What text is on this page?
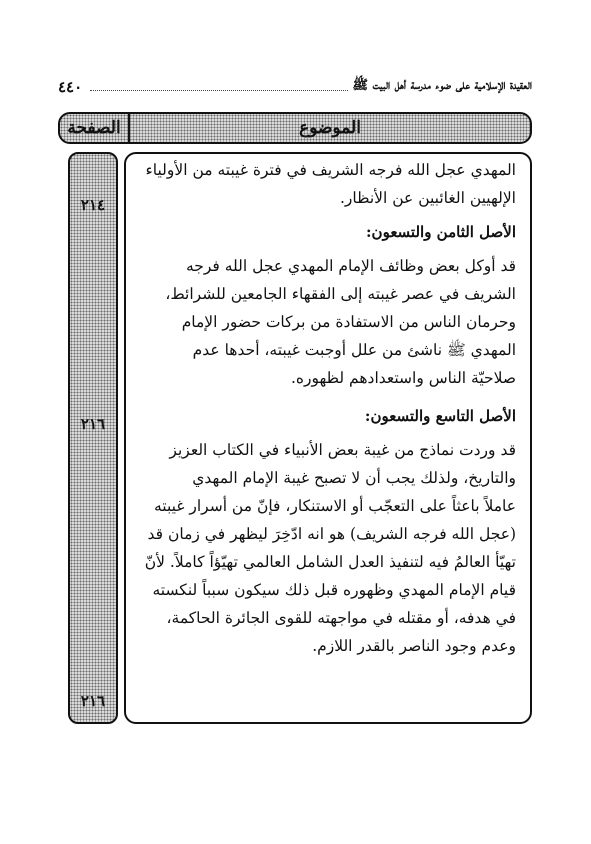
٤٤٠	العقيدة الإسلامية على ضوء مدرسة أهل البيت ﷺ
الموضوع
الصفحة
٢١٤
٢١٦
٢١٦

المهدي عجل الله فرجه الشريف في فترة غيبته من الأولياء

الإلهيين الغائبين عن الأنظار.

الأصل الثامن والتسعون:

قد أوكل بعض وظائف الإمام المهدي عجل الله فرجه

الشريف في عصر غيبته إلى الفقهاء الجامعين للشرائط،

وحرمان الناس من الاستفادة من بركات حضور الإمام

المهدي ﷺ ناشئ من علل أوجبت غيبته، أحدها عدم

صلاحيّة الناس واستعدادهم لظهوره.

الأصل التاسع والتسعون:

قد وردت نماذج من غيبة بعض الأنبياء في الكتاب العزيز

والتاريخ، ولذلك يجب أن لا تصبح غيبة الإمام المهدي

عاملاً باعثاً على التعجّب أو الاستنكار، فإنّ من أسرار غيبته

(عجل الله فرجه الشريف) هو انه ادّخِرَ ليظهر في زمان قد

تهيّأ العالمُ فيه لتنفيذ العدل الشامل العالمي تهيّؤاً كاملاً. لأنّ

قيام الإمام المهدي وظهوره قبل ذلك سيكون سبباً لنكسته

في هدفه، أو مقتله في مواجهته للقوى الجائرة الحاكمة،

وعدم وجود الناصر بالقدر اللازم.
